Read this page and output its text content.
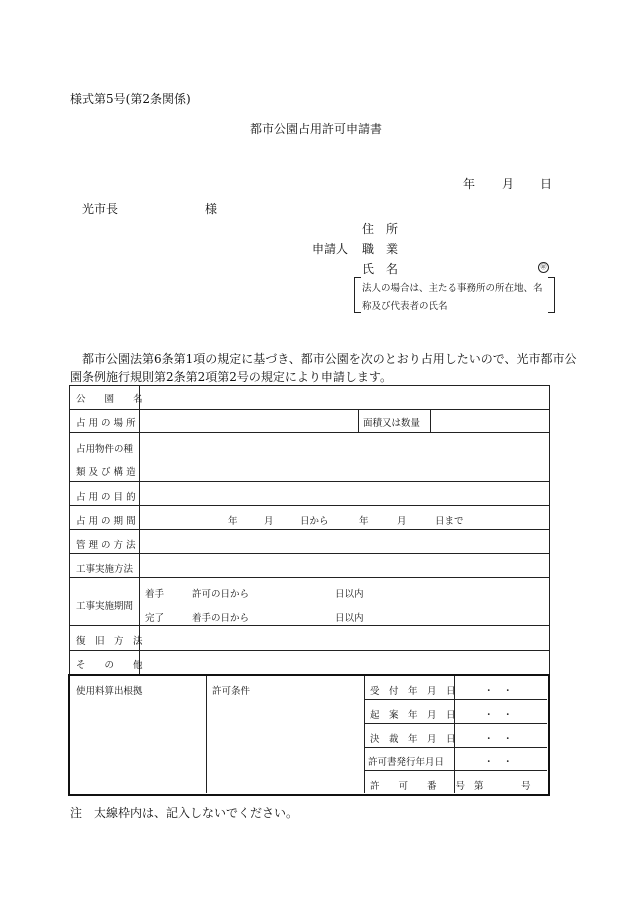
様式第5号(第2条関係)
都市公園占用許可申請書
年 月 日
光市長	様
住　所
申請人 職　業
氏　名	㊞
法人の場合は、主たる事務所の所在地、名
称及び代表者の氏名
都市公園法第6条第1項の規定に基づき、都市公園を次のとおり占用したいので、光市都市公
園条例施行規則第2条第2項第2号の規定により申請します。
公　　園　　名
占 用 の 場 所	面積又は数量
占用物件の種
類 及 び 構 造
占 用 の 目 的
占 用 の 期 間	年	月	日から	年	月	日まで
管 理 の 方 法
工事実施方法
工事実施期間
着手	許可の日から	日以内
完了	着手の日から	日以内
復　旧　方　法
そ　　の　　他
使用料算出根拠	許可条件	受　付　年　月　日	・　・
起　案　年　月　日	・　・
決　裁　年　月　日	・　・
許可書発行年月日	・　・
許　　可　　番　　号 第	号
注　太線枠内は、記入しないでください。
